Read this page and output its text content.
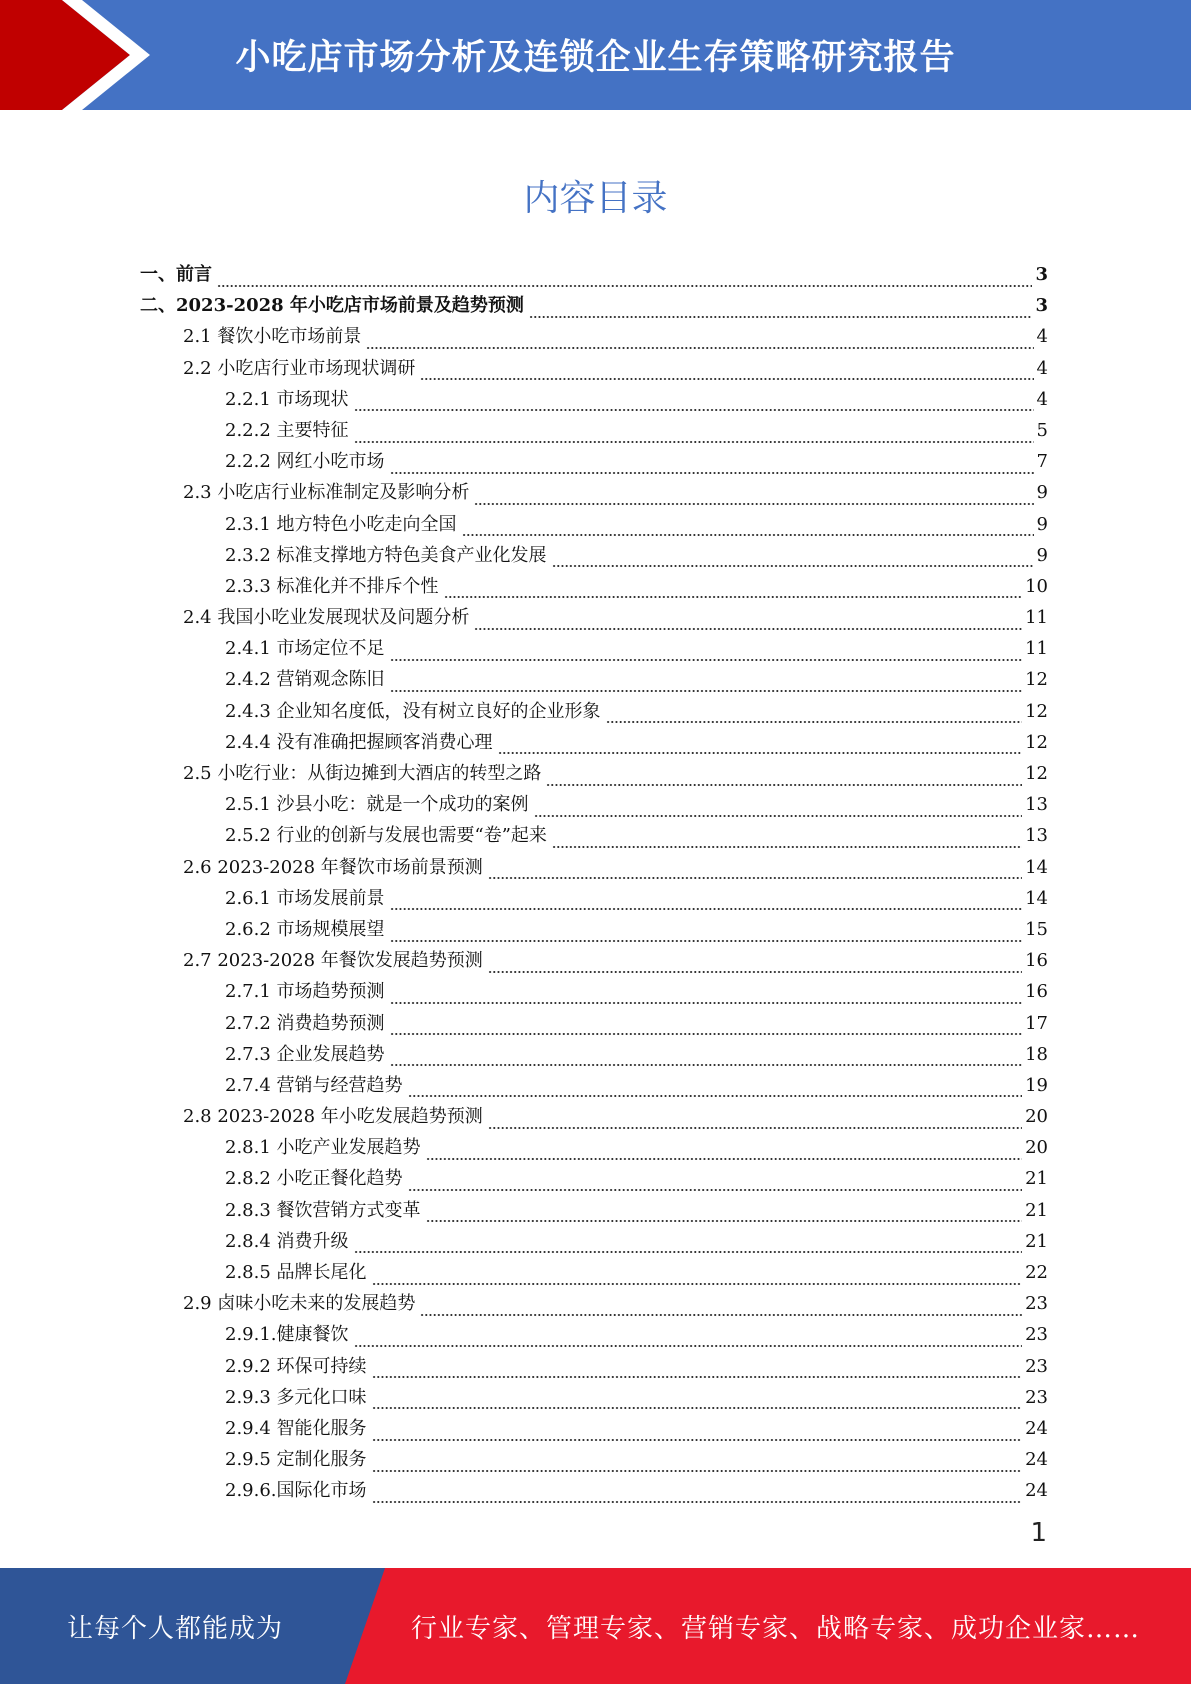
小吃店市场分析及连锁企业生存策略研究报告
内容目录
一、前言	3
二、2023-2028 年小吃店市场前景及趋势预测	3
2.1 餐饮小吃市场前景	4
2.2 小吃店行业市场现状调研	4
2.2.1 市场现状	4
2.2.2 主要特征	5
2.2.2 网红小吃市场	7
2.3 小吃店行业标准制定及影响分析	9
2.3.1 地方特色小吃走向全国	9
2.3.2 标准支撑地方特色美食产业化发展	9
2.3.3 标准化并不排斥个性	10
2.4 我国小吃业发展现状及问题分析	11
2.4.1 市场定位不足	11
2.4.2 营销观念陈旧	12
2.4.3 企业知名度低，没有树立良好的企业形象	12
2.4.4 没有准确把握顾客消费心理	12
2.5 小吃行业：从街边摊到大酒店的转型之路	12
2.5.1 沙县小吃：就是一个成功的案例	13
2.5.2 行业的创新与发展也需要“卷”起来	13
2.6 2023-2028 年餐饮市场前景预测	14
2.6.1 市场发展前景	14
2.6.2 市场规模展望	15
2.7 2023-2028 年餐饮发展趋势预测	16
2.7.1 市场趋势预测	16
2.7.2 消费趋势预测	17
2.7.3 企业发展趋势	18
2.7.4 营销与经营趋势	19
2.8 2023-2028 年小吃发展趋势预测	20
2.8.1 小吃产业发展趋势	20
2.8.2 小吃正餐化趋势	21
2.8.3 餐饮营销方式变革	21
2.8.4 消费升级	21
2.8.5 品牌长尾化	22
2.9 卤味小吃未来的发展趋势	23
2.9.1.健康餐饮	23
2.9.2 环保可持续	23
2.9.3 多元化口味	23
2.9.4 智能化服务	24
2.9.5 定制化服务	24
2.9.6.国际化市场	24
1
让每个人都能成为	行业专家、管理专家、营销专家、战略专家、成功企业家……
